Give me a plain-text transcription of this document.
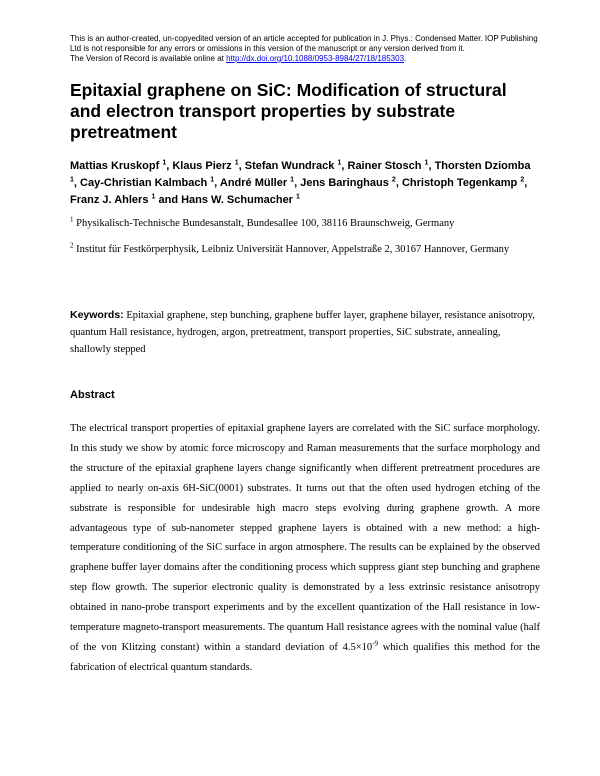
This is an author-created, un-copyedited version of an article accepted for publication in J. Phys.: Condensed Matter. IOP Publishing Ltd is not responsible for any errors or omissions in this version of the manuscript or any version derived from it.
The Version of Record is available online at http://dx.doi.org/10.1088/0953-8984/27/18/185303.
Epitaxial graphene on SiC: Modification of structural and electron transport properties by substrate pretreatment
Mattias Kruskopf $^1$, Klaus Pierz $^1$, Stefan Wundrack $^1$, Rainer Stosch $^1$, Thorsten Dziomba $^1$, Cay-Christian Kalmbach $^1$, André Müller $^1$, Jens Baringhaus $^2$, Christoph Tegenkamp $^2$, Franz J. Ahlers $^1$ and Hans W. Schumacher $^1$
$^1$ Physikalisch-Technische Bundesanstalt, Bundesallee 100, 38116 Braunschweig, Germany
$^2$ Institut für Festkörperphysik, Leibniz Universität Hannover, Appelstraße 2, 30167 Hannover, Germany
Keywords: Epitaxial graphene, step bunching, graphene buffer layer, graphene bilayer, resistance anisotropy, quantum Hall resistance, hydrogen, argon, pretreatment, transport properties, SiC substrate, annealing, shallowly stepped
Abstract

The electrical transport properties of epitaxial graphene layers are correlated with the SiC surface morphology. In this study we show by atomic force microscopy and Raman measurements that the surface morphology and the structure of the epitaxial graphene layers change significantly when different pretreatment procedures are applied to nearly on-axis 6H-SiC(0001) substrates. It turns out that the often used hydrogen etching of the substrate is responsible for undesirable high macro steps evolving during graphene growth. A more advantageous type of sub-nanometer stepped graphene layers is obtained with a new method: a high-temperature conditioning of the SiC surface in argon atmosphere. The results can be explained by the observed graphene buffer layer domains after the conditioning process which suppress giant step bunching and graphene step flow growth. The superior electronic quality is demonstrated by a less extrinsic resistance anisotropy obtained in nano-probe transport experiments and by the excellent quantization of the Hall resistance in low-temperature magneto-transport measurements. The quantum Hall resistance agrees with the nominal value (half of the von Klitzing constant) within a standard deviation of $4.5\times 10^{-9}$ which qualifies this method for the fabrication of electrical quantum standards.
